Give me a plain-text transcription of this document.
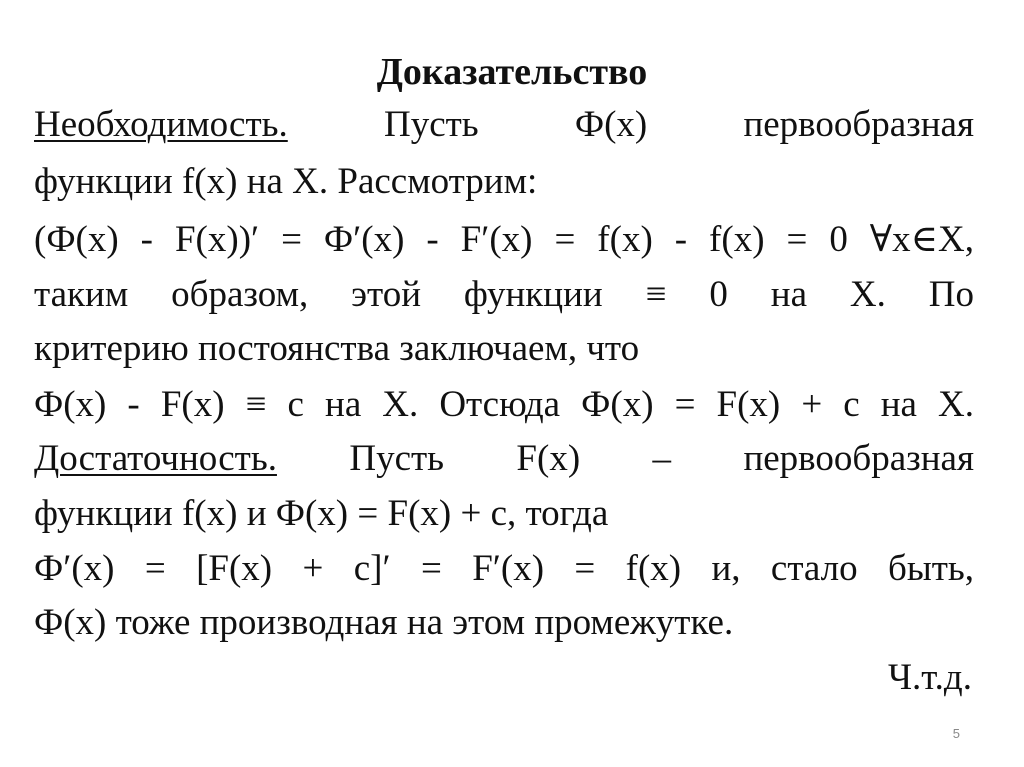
Доказательство
Необходимость. Пусть Ф(x) первообразная
функции f(x) на X. Рассмотрим:
(Ф(x) - F(x))′ = Ф′(x) - F′(x) = f(x) - f(x) = 0 ∀x∈X,
таким образом, этой функции ≡ 0 на X. По
критерию постоянства заключаем, что
Ф(x) - F(x) ≡ c на X. Отсюда Ф(x) = F(x) + c на X.
Достаточность. Пусть F(x) – первообразная
функции f(x) и Ф(x) = F(x) + c, тогда
Ф′(x) = [F(x) + c]′ = F′(x) = f(x) и, стало быть,
Ф(x) тоже производная на этом промежутке.
Ч.т.д.
5
